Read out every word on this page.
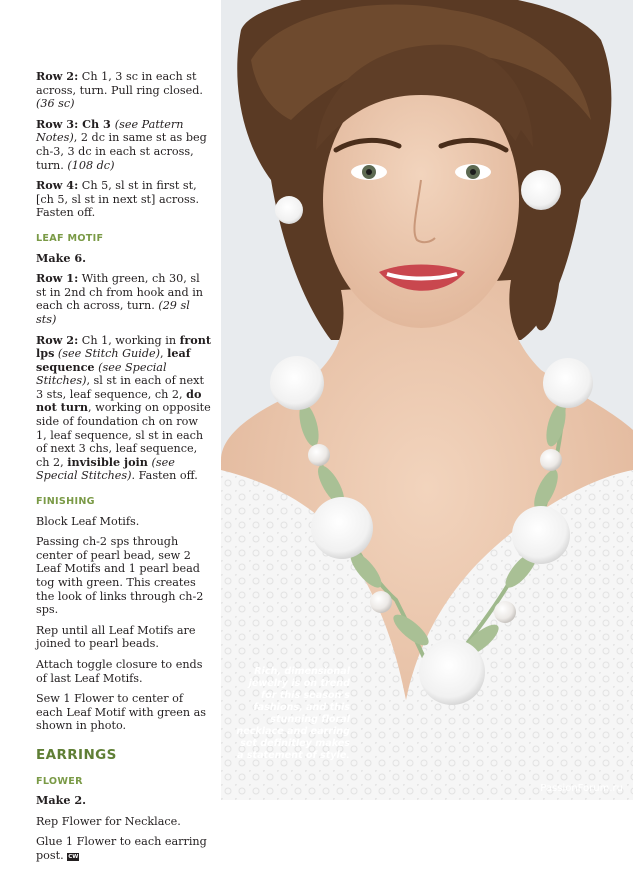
Row 2: Ch 1, 3 sc in each st across, turn. Pull ring closed. (36 sc)

Row 3: Ch 3 (see Pattern Notes), 2 dc in same st as beg ch-3, 3 dc in each st across, turn. (108 dc)

Row 4: Ch 5, sl st in first st, [ch 5, sl st in next st] across. Fasten off.

LEAF MOTIF

Make 6.

Row 1: With green, ch 30, sl st in 2nd ch from hook and in each ch across, turn. (29 sl sts)

Row 2: Ch 1, working in front lps (see Stitch Guide), leaf sequence (see Special Stitches), sl st in each of next 3 sts, leaf sequence, ch 2, do not turn, working on opposite side of foundation ch on row 1, leaf sequence, sl st in each of next 3 chs, leaf sequence, ch 2, invisible join (see Special Stitches). Fasten off.

FINISHING

Block Leaf Motifs.

Passing ch-2 sps through center of pearl bead, sew 2 Leaf Motifs and 1 pearl bead tog with green. This creates the look of links through ch-2 sps.

Rep until all Leaf Motifs are joined to pearl beads.

Attach toggle closure to ends of last Leaf Motifs.

Sew 1 Flower to center of each Leaf Motif with green as shown in photo.

EARRINGS
FLOWER

Make 2.

Rep Flower for Necklace.

Glue 1 Flower to each earring post. CW

Rich, dimensional jewelry is on trend for this season's fashions, and this stunning floral necklace and earring set definitley makes a statement of style.
PassionForum.ru
